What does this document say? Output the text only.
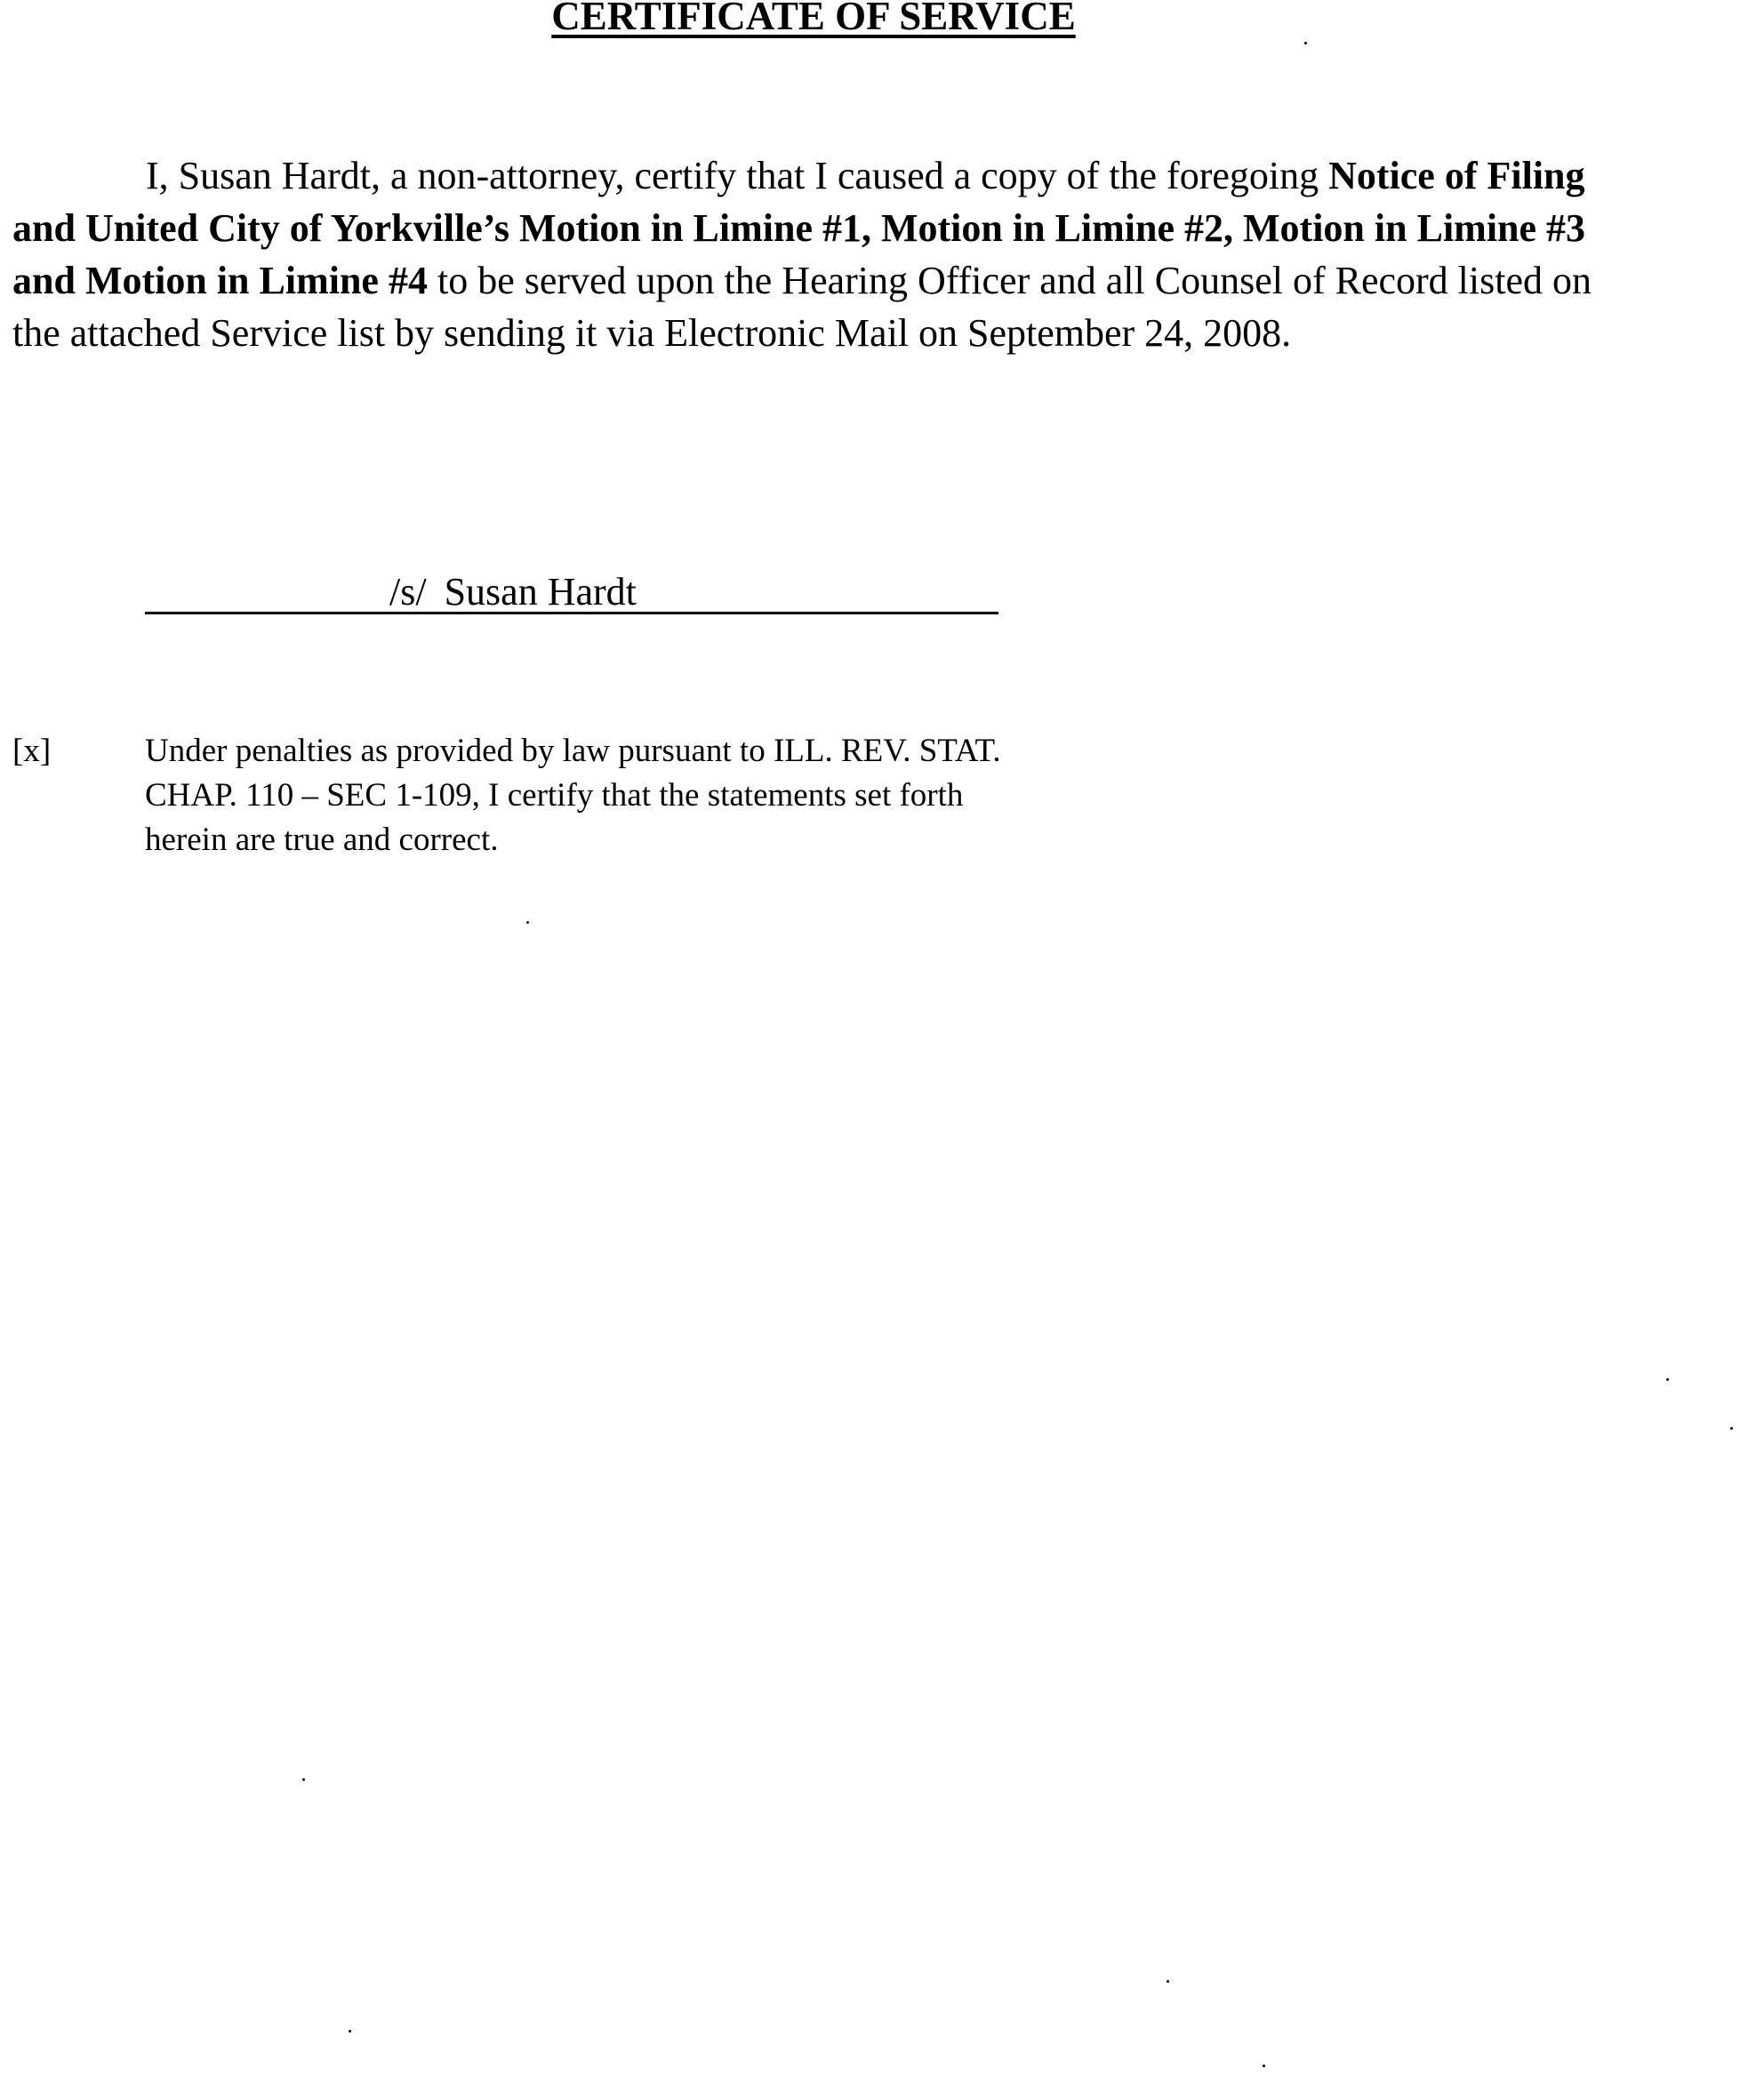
CERTIFICATE OF SERVICE

I, Susan Hardt, a non-attorney, certify that I caused a copy of the foregoing Notice of Filing and United City of Yorkville’s Motion in Limine #1, Motion in Limine #2, Motion in Limine #3 and Motion in Limine #4 to be served upon the Hearing Officer and all Counsel of Record listed on the attached Service list by sending it via Electronic Mail on September 24, 2008.

/s/ Susan Hardt
[x]	Under penalties as provided by law pursuant to ILL. REV. STAT.
CHAP. 110 – SEC 1-109, I certify that the statements set forth
herein are true and correct.
